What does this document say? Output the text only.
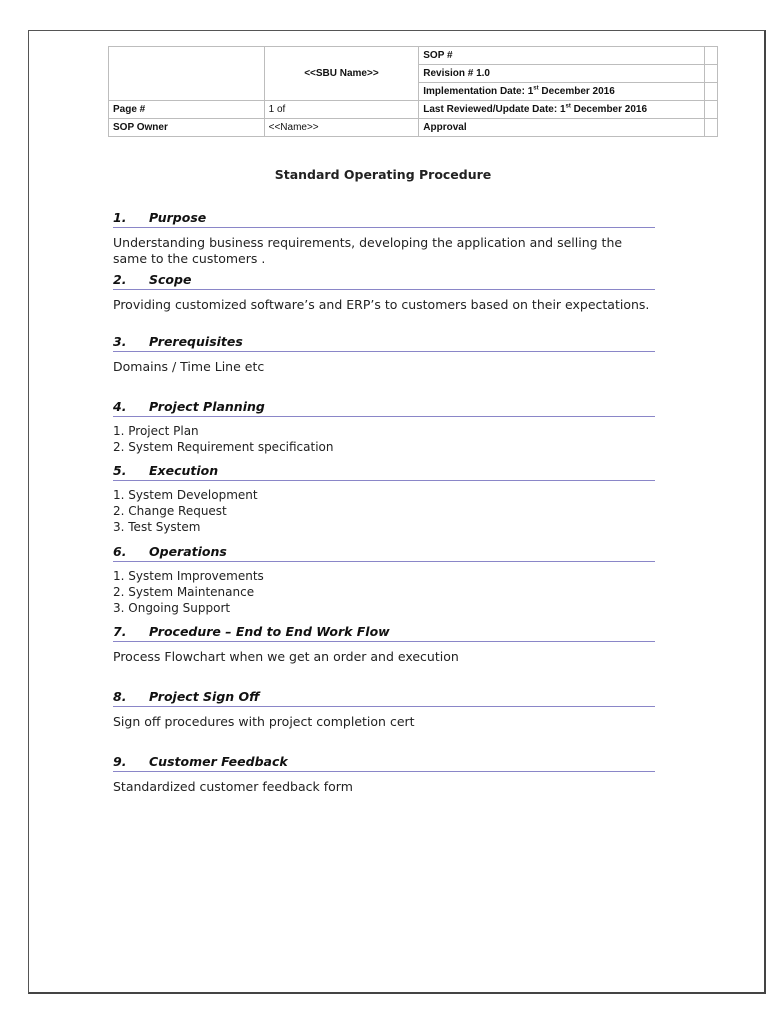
	<<SBU Name>>	SOP #	
		Revision # 1.0	
		Implementation Date: 1st December 2016	
Page #	1 of	Last Reviewed/Update Date: 1st December 2016	
SOP Owner	<<Name>>	Approval	
Standard Operating Procedure
1. Purpose

Understanding business requirements, developing the application and selling the same to the customers .

2. Scope

Providing customized software’s and ERP’s to customers based on their expectations.

3. Prerequisites

Domains / Time Line etc

4. Project Planning
1. Project Plan
2. System Requirement specification
5. Execution
1. System Development
2. Change Request
3. Test System
6. Operations
1. System Improvements
2. System Maintenance
3. Ongoing Support
7. Procedure – End to End Work Flow

Process Flowchart when we get an order and execution

8. Project Sign Off

Sign off procedures with project completion cert

9. Customer Feedback

Standardized customer feedback form
